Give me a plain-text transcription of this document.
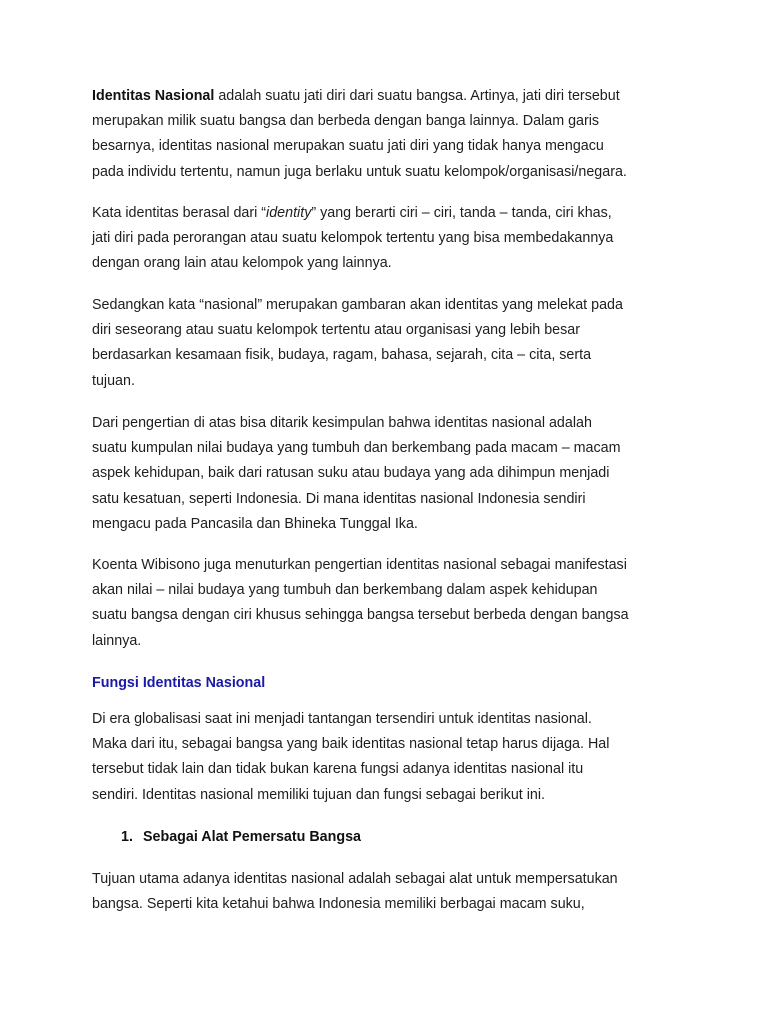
Identitas Nasional adalah suatu jati diri dari suatu bangsa. Artinya, jati diri tersebut
merupakan milik suatu bangsa dan berbeda dengan banga lainnya. Dalam garis
besarnya, identitas nasional merupakan suatu jati diri yang tidak hanya mengacu
pada individu tertentu, namun juga berlaku untuk suatu kelompok/organisasi/negara.
Kata identitas berasal dari “identity” yang berarti ciri – ciri, tanda – tanda, ciri khas,
jati diri pada perorangan atau suatu kelompok tertentu yang bisa membedakannya
dengan orang lain atau kelompok yang lainnya.
Sedangkan kata “nasional” merupakan gambaran akan identitas yang melekat pada
diri seseorang atau suatu kelompok tertentu atau organisasi yang lebih besar
berdasarkan kesamaan fisik, budaya, ragam, bahasa, sejarah, cita – cita, serta
tujuan.
Dari pengertian di atas bisa ditarik kesimpulan bahwa identitas nasional adalah
suatu kumpulan nilai budaya yang tumbuh dan berkembang pada macam – macam
aspek kehidupan, baik dari ratusan suku atau budaya yang ada dihimpun menjadi
satu kesatuan, seperti Indonesia. Di mana identitas nasional Indonesia sendiri
mengacu pada Pancasila dan Bhineka Tunggal Ika.
Koenta Wibisono juga menuturkan pengertian identitas nasional sebagai manifestasi
akan nilai – nilai budaya yang tumbuh dan berkembang dalam aspek kehidupan
suatu bangsa dengan ciri khusus sehingga bangsa tersebut berbeda dengan bangsa
lainnya.
Fungsi Identitas Nasional
Di era globalisasi saat ini menjadi tantangan tersendiri untuk identitas nasional.
Maka dari itu, sebagai bangsa yang baik identitas nasional tetap harus dijaga. Hal
tersebut tidak lain dan tidak bukan karena fungsi adanya identitas nasional itu
sendiri. Identitas nasional memiliki tujuan dan fungsi sebagai berikut ini.
1. Sebagai Alat Pemersatu Bangsa
Tujuan utama adanya identitas nasional adalah sebagai alat untuk mempersatukan
bangsa. Seperti kita ketahui bahwa Indonesia memiliki berbagai macam suku,
